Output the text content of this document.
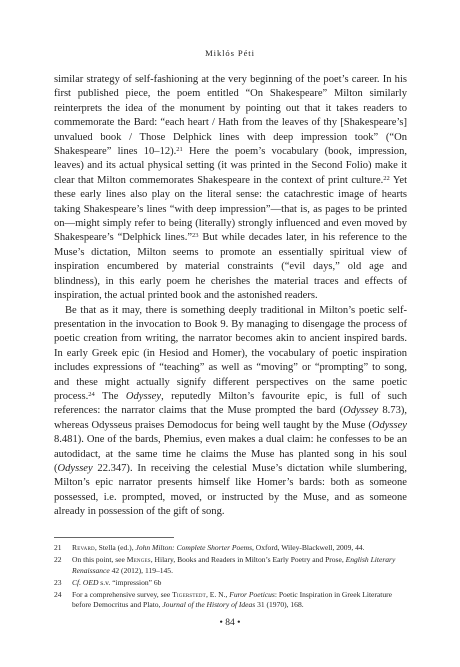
Miklós Péti

similar strategy of self-fashioning at the very beginning of the poet’s career. In his first published piece, the poem entitled “On Shakespeare” Milton similarly reinterprets the idea of the monument by pointing out that it takes readers to commemorate the Bard: “each heart / Hath from the leaves of thy [Shakespeare’s] unvalued book / Those Delphick lines with deep impression took” (“On Shakespeare” lines 10–12).$^{21}$ Here the poem’s vocabulary (book, impression, leaves) and its actual physical setting (it was printed in the Second Folio) make it clear that Milton commemorates Shakespeare in the context of print culture.$^{22}$ Yet these early lines also play on the literal sense: the catachrestic image of hearts taking Shakespeare’s lines “with deep impression”—that is, as pages to be printed on—might simply refer to being (literally) strongly influenced and even moved by Shakespeare’s “Delphick lines.”$^{23}$ But while decades later, in his reference to the Muse’s dictation, Milton seems to promote an essentially spiritual view of inspiration encumbered by material constraints (“evil days,” old age and blindness), in this early poem he cherishes the material traces and effects of inspiration, the actual printed book and the astonished readers.

Be that as it may, there is something deeply traditional in Milton’s poetic self-presentation in the invocation to Book 9. By managing to disengage the process of poetic creation from writing, the narrator becomes akin to ancient inspired bards. In early Greek epic (in Hesiod and Homer), the vocabulary of poetic inspiration includes expressions of “teaching” as well as “moving” or “prompting” to song, and these might actually signify different perspectives on the same poetic process.$^{24}$ The Odyssey, reputedly Milton’s favourite epic, is full of such references: the narrator claims that the Muse prompted the bard (Odyssey 8.73), whereas Odysseus praises Demodocus for being well taught by the Muse (Odyssey 8.481). One of the bards, Phemius, even makes a dual claim: he confesses to be an autodidact, at the same time he claims the Muse has planted song in his soul (Odyssey 22.347). In receiving the celestial Muse’s dictation while slumbering, Milton’s epic narrator presents himself like Homer’s bards: both as someone possessed, i.e. prompted, moved, or instructed by the Muse, and as someone already in possession of the gift of song.

21 Revard, Stella (ed.), John Milton: Complete Shorter Poems, Oxford, Wiley-Blackwell, 2009, 44.
22 On this point, see Menges, Hilary, Books and Readers in Milton’s Early Poetry and Prose, English Literary Renaissance 42 (2012), 119–145.
23 Cf. OED s.v. “impression” 6b
24 For a comprehensive survey, see Tigerstedt, E. N., Furor Poeticus: Poetic Inspiration in Greek Literature before Democritus and Plato, Journal of the History of Ideas 31 (1970), 168.
• 84 •
